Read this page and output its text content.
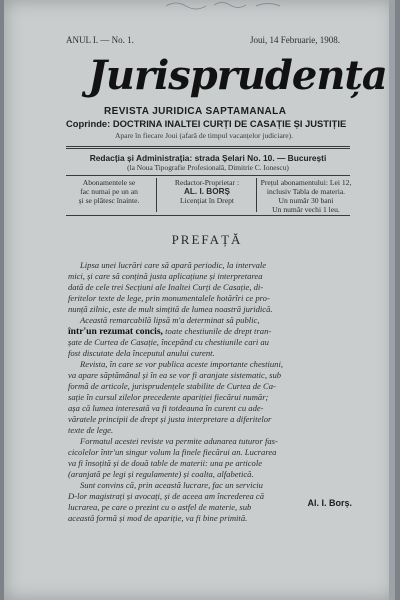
ANUL I. — No. 1.	Joui, 14 Februarie, 1908.
Jurisprudența
REVISTA JURIDICA SAPTAMANALA
Coprinde: DOCTRINA INALTEI CURȚI DE CASAȚIE ȘI JUSTIȚIE
Apare în fiecare Joui (afară de timpul vacanțelor judiciare).
Redacția și Administrația: strada Șelari No. 10. — București
(la Noua Tipografie Profesională, Dimitrie C. Ionescu)
Abonamentele se
fac numai pe un an
și se plătesc înainte.
Redactor-Proprietar :
AL. I. BORȘ
Licențiat în Drept
Prețul abonamentului: Lei 12,
inclusiv Tabla de materia.
Un număr 30 bani
Un număr vechi 1 leu.
PREFAȚĂ
Lipsa unei lucrări care să apară periodic, la intervale
mici, și care să conțină justa aplicațiune și interpretarea
dată de cele trei Secțiuni ale Inaltei Curți de Casație, di-
feritelor texte de lege, prin monumentalele hotărîri ce pro-
nunță zilnic, este de mult simțită de lumea noastră juridică.
Această remarcabilă lipsă m'a determinat să public,
într'un rezumat concis, toate chestiunile de drept tran-
șate de Curtea de Casație, începând cu chestiunile cari au
fost discutate dela începutul anului curent.
Revista, în care se vor publica aceste importante chestiuni,
va apare săptămânal și în ea se vor fi aranjate sistematic, sub
formă de articole, jurisprudențele stabilite de Curtea de Ca-
sație în cursul zilelor precedente apariției fiecărui număr;
așa că lumea interesată va fi totdeauna în curent cu ade-
văratele principii de drept și justa interpretare a diferitelor
texte de lege.
Formatul acestei reviste va permite adunarea tuturor fas-
cicolelor într'un singur volum la finele fiecărui an. Lucrarea
va fi însoțită și de două table de materii: una pe articole
(aranjată pe legi și regulamente) și coalta, alfabetică.
Sunt convins că, prin această lucrare, fac un serviciu
D-lor magistrați și avocați, și de aceea am încrederea că
lucrarea, pe care o prezint cu o astfel de materie, sub
această formă și mod de apariție, va fi bine primită.
Al. I. Borș.
